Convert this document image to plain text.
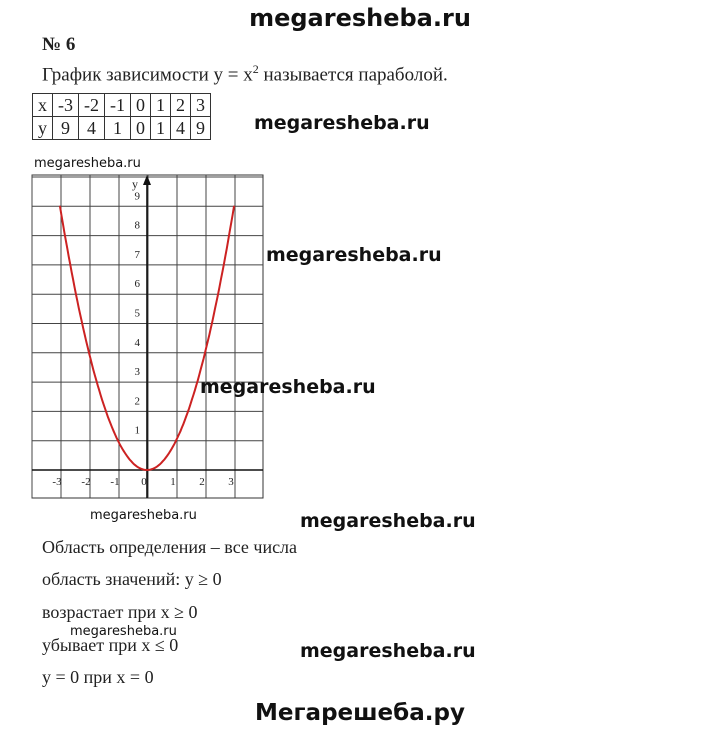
megaresheba.ru
№ 6
График зависимости $y = x^2$ называется параболой.
x	-3	-2	-1	0	1	2	3
y	9	4	1	0	1	4	9	megaresheba.ru
megaresheba.ru
y
1
2
3
4
5
6
7
8
9
-3 -2 -1 0 1 2 3
megaresheba.ru
megaresheba.ru
megaresheba.ru	megaresheba.ru
Область определения – все числа
область значений: y ≥ 0
возрастает при x ≥ 0
megaresheba.ru
убывает при x ≤ 0	megaresheba.ru
y = 0 при x = 0
Мегарешеба.ру
